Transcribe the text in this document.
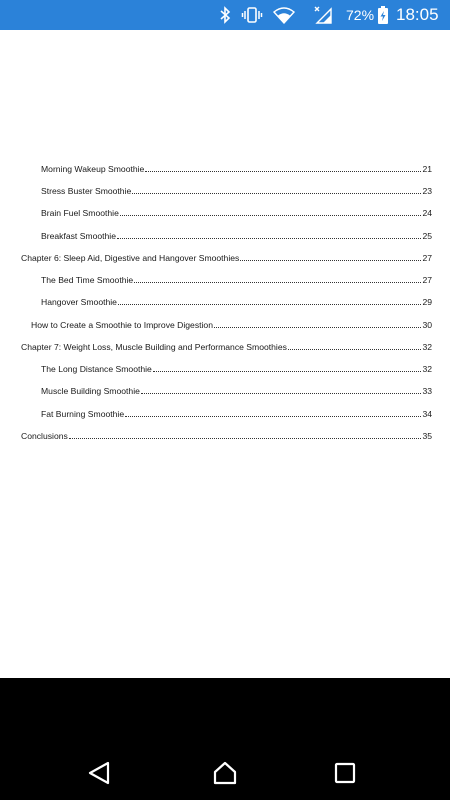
72% 18:05
Morning Wakeup Smoothie	21
Stress Buster Smoothie	23
Brain Fuel Smoothie	24
Breakfast Smoothie	25
Chapter 6: Sleep Aid, Digestive and Hangover Smoothies	27
The Bed Time Smoothie	27
Hangover Smoothie	29
How to Create a Smoothie to Improve Digestion	30
Chapter 7: Weight Loss, Muscle Building and Performance Smoothies	32
The Long Distance Smoothie	32
Muscle Building Smoothie	33
Fat Burning Smoothie	34
Conclusions	35
